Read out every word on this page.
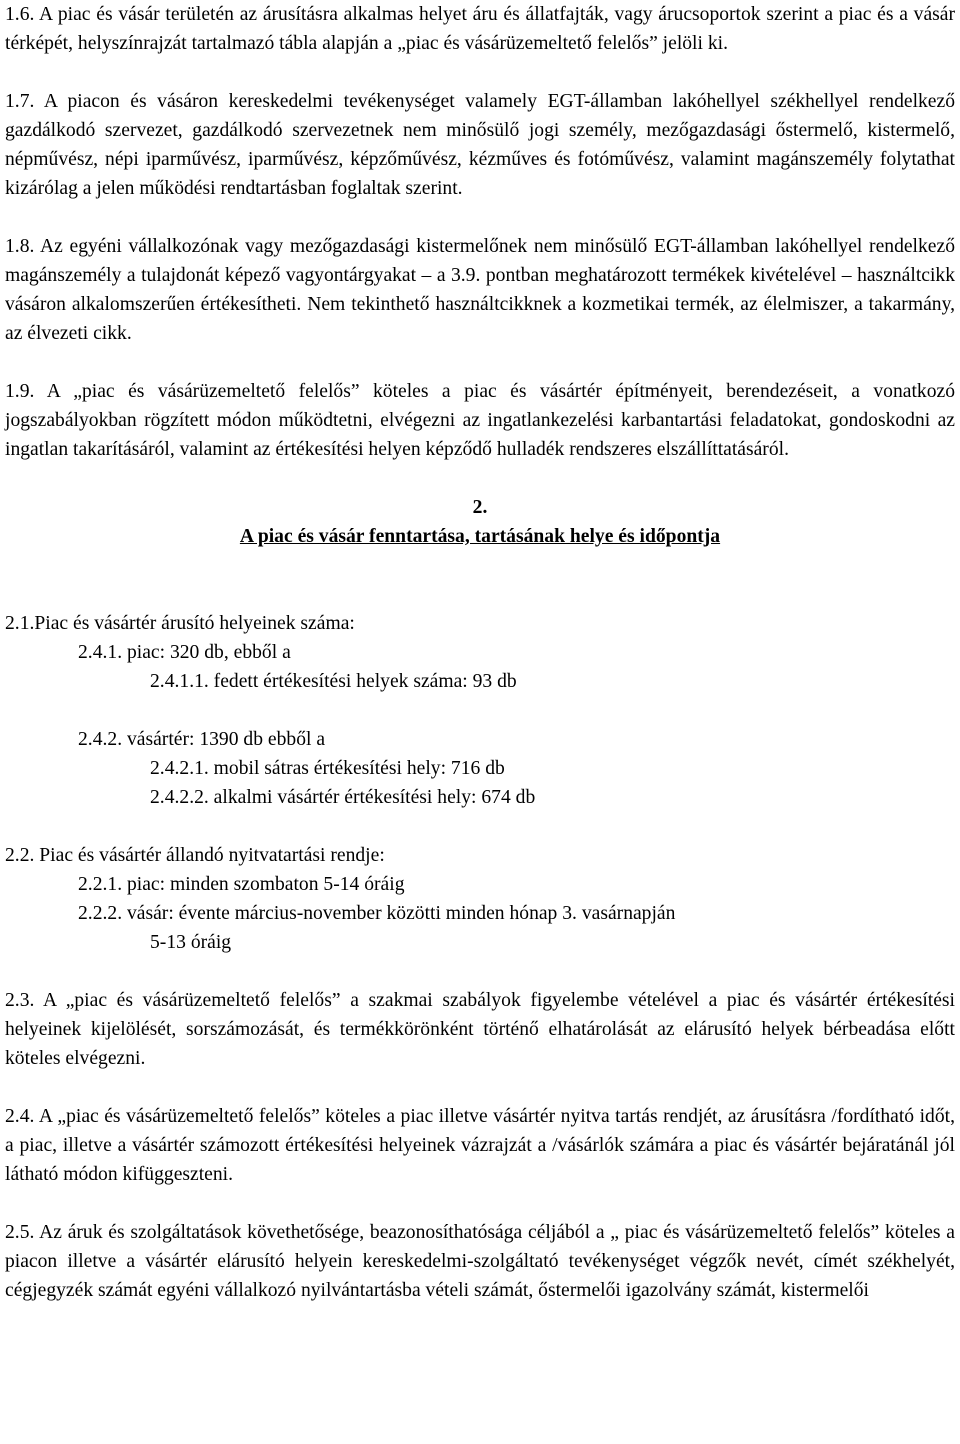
1.6. A piac és vásár területén az árusításra alkalmas helyet áru és állatfajták, vagy árucsoportok szerint a piac és a vásár térképét, helyszínrajzát tartalmazó tábla alapján a „piac és vásárüzemeltető felelős” jelöli ki.

1.7. A piacon és vásáron kereskedelmi tevékenységet valamely EGT-államban lakóhellyel székhellyel rendelkező gazdálkodó szervezet, gazdálkodó szervezetnek nem minősülő jogi személy, mezőgazdasági őstermelő, kistermelő, népművész, népi iparművész, iparművész, képzőművész, kézműves és fotóművész, valamint magánszemély folytathat kizárólag a jelen működési rendtartásban foglaltak szerint.

1.8. Az egyéni vállalkozónak vagy mezőgazdasági kistermelőnek nem minősülő EGT-államban lakóhellyel rendelkező magánszemély a tulajdonát képező vagyontárgyakat – a 3.9. pontban meghatározott termékek kivételével – használtcikk vásáron alkalomszerűen értékesítheti. Nem tekinthető használtcikknek a kozmetikai termék, az élelmiszer, a takarmány, az élvezeti cikk.

1.9. A „piac és vásárüzemeltető felelős” köteles a piac és vásártér építményeit, berendezéseit, a vonatkozó jogszabályokban rögzített módon működtetni, elvégezni az ingatlankezelési karbantartási feladatokat, gondoskodni az ingatlan takarításáról, valamint az értékesítési helyen képződő hulladék rendszeres elszállíttatásáról.

2.

A piac és vásár fenntartása, tartásának helye és időpontja

2.1.Piac és vásártér árusító helyeinek száma:

2.4.1. piac: 320 db, ebből a

2.4.1.1. fedett értékesítési helyek száma: 93 db

2.4.2. vásártér: 1390 db ebből a

2.4.2.1. mobil sátras értékesítési hely: 716 db

2.4.2.2. alkalmi vásártér értékesítési hely: 674 db

2.2. Piac és vásártér állandó nyitvatartási rendje:

2.2.1. piac: minden szombaton 5-14 óráig

2.2.2. vásár: évente március-november közötti minden hónap 3. vasárnapján

5-13 óráig

2.3. A „piac és vásárüzemeltető felelős” a szakmai szabályok figyelembe vételével a piac és vásártér értékesítési helyeinek kijelölését, sorszámozását, és termékkörönként történő elhatárolását az elárusító helyek bérbeadása előtt köteles elvégezni.

2.4. A „piac és vásárüzemeltető felelős” köteles a piac illetve vásártér nyitva tartás rendjét, az árusításra /fordítható időt, a piac, illetve a vásártér számozott értékesítési helyeinek vázrajzát a /vásárlók számára a piac és vásártér bejáratánál jól látható módon kifüggeszteni.

2.5. Az áruk és szolgáltatások követhetősége, beazonosíthatósága céljából a „ piac és vásárüzemeltető felelős” köteles a piacon illetve a vásártér elárusító helyein kereskedelmi-szolgáltató tevékenységet végzők nevét, címét székhelyét, cégjegyzék számát egyéni vállalkozó nyilvántartásba vételi számát, őstermelői igazolvány számát, kistermelői
